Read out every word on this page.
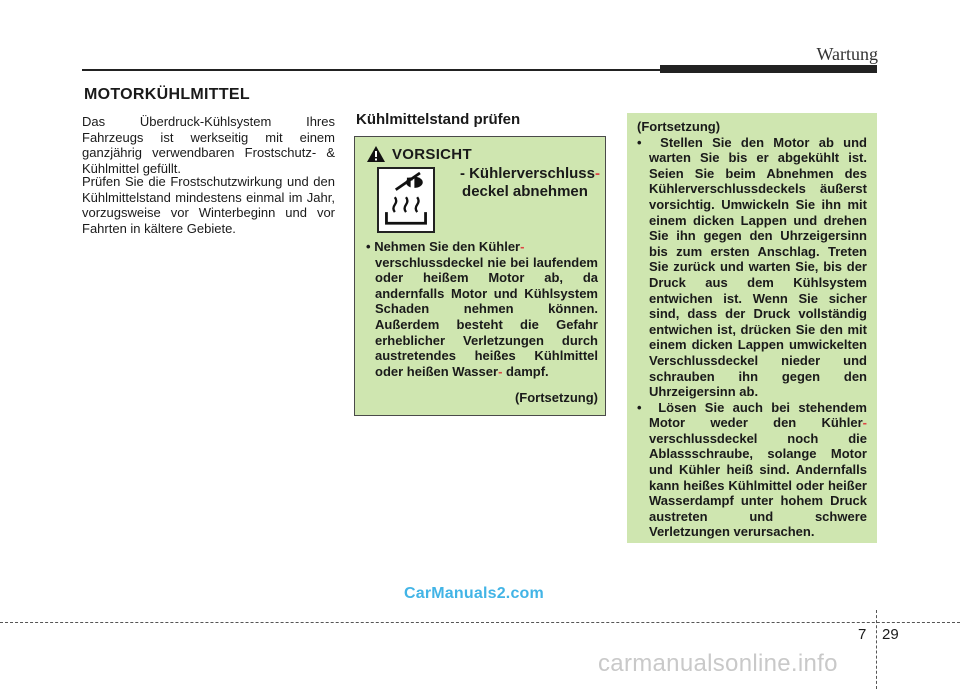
Wartung
MOTORKÜHLMITTEL
Das Überdruck-Kühlsystem Ihres Fahrzeugs ist werkseitig mit einem ganzjährig verwendbaren Frostschutz- & Kühlmittel gefüllt.
Prüfen Sie die Frostschutzwirkung und den Kühlmittelstand mindestens einmal im Jahr, vorzugsweise vor Winterbeginn und vor Fahrten in kältere Gebiete.
Kühlmittelstand prüfen
VORSICHT
- Kühlerverschluss-
deckel abnehmen
• Nehmen Sie den Kühler-
verschlussdeckel nie bei laufendem oder heißem Motor ab, da andernfalls Motor und Kühlsystem Schaden nehmen können. Außerdem besteht die Gefahr erheblicher Verletzungen durch austretendes heißes Kühlmittel oder heißen Wasser- dampf.
(Fortsetzung)
(Fortsetzung)
• Stellen Sie den Motor ab und warten Sie bis er abgekühlt ist. Seien Sie beim Abnehmen des Kühlerverschlussdeckels äußerst vorsichtig. Umwickeln Sie ihn mit einem dicken Lappen und drehen Sie ihn gegen den Uhrzeigersinn bis zum ersten Anschlag. Treten Sie zurück und warten Sie, bis der Druck aus dem Kühlsystem entwichen ist. Wenn Sie sicher sind, dass der Druck vollständig entwichen ist, drücken Sie den mit einem dicken Lappen umwickelten Verschlussdeckel nieder und schrauben ihn gegen den Uhrzeigersinn ab.
• Lösen Sie auch bei stehendem Motor weder den Kühler- verschlussdeckel noch die Ablassschraube, solange Motor und Kühler heiß sind. Andernfalls kann heißes Kühlmittel oder heißer Wasserdampf unter hohem Druck austreten und schwere Verletzungen verursachen.
CarManuals2.com
7 29
carmanualsonline.info
